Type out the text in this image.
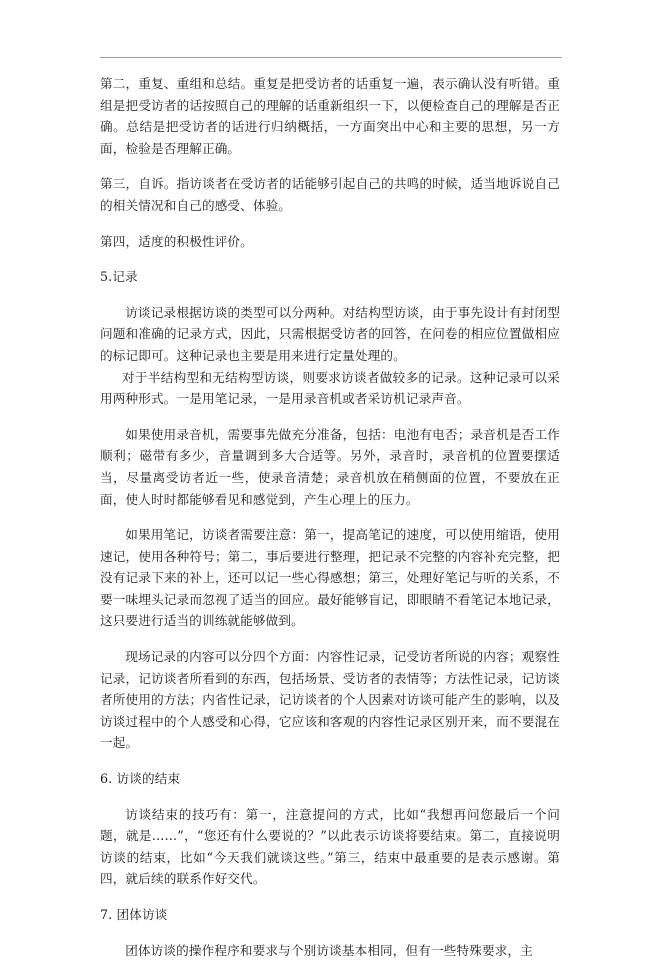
第二，重复、重组和总结。重复是把受访者的话重复一遍，表示确认没有听错。重组是把受访者的话按照自己的理解的话重新组织一下，以便检查自己的理解是否正确。总结是把受访者的话进行归纳概括，一方面突出中心和主要的思想，另一方面，检验是否理解正确。

第三，自诉。指访谈者在受访者的话能够引起自己的共鸣的时候，适当地诉说自己的相关情况和自己的感受、体验。

第四，适度的积极性评价。

5.记录

访谈记录根据访谈的类型可以分两种。对结构型访谈，由于事先设计有封闭型问题和准确的记录方式，因此，只需根据受访者的回答，在问卷的相应位置做相应的标记即可。这种记录也主要是用来进行定量处理的。

对于半结构型和无结构型访谈，则要求访谈者做较多的记录。这种记录可以采用两种形式。一是用笔记录，一是用录音机或者采访机记录声音。

如果使用录音机，需要事先做充分准备，包括：电池有电否；录音机是否工作顺利；磁带有多少，音量调到多大合适等。另外，录音时，录音机的位置要摆适当，尽量离受访者近一些，使录音清楚；录音机放在稍侧面的位置，不要放在正面，使人时时都能够看见和感觉到，产生心理上的压力。

如果用笔记，访谈者需要注意：第一，提高笔记的速度，可以使用缩语，使用速记，使用各种符号；第二，事后要进行整理，把记录不完整的内容补充完整，把没有记录下来的补上，还可以记一些心得感想；第三，处理好笔记与听的关系，不要一味埋头记录而忽视了适当的回应。最好能够盲记，即眼睛不看笔记本地记录，这只要进行适当的训练就能够做到。

现场记录的内容可以分四个方面：内容性记录，记受访者所说的内容；观察性记录，记访谈者所看到的东西，包括场景、受访者的表情等；方法性记录，记访谈者所使用的方法；内省性记录，记访谈者的个人因素对访谈可能产生的影响，以及访谈过程中的个人感受和心得，它应该和客观的内容性记录区别开来，而不要混在一起。

6. 访谈的结束

访谈结束的技巧有：第一，注意提问的方式，比如“我想再问您最后一个问题，就是……”，“您还有什么要说的？”以此表示访谈将要结束。第二，直接说明访谈的结束，比如“今天我们就谈这些。”第三，结束中最重要的是表示感谢。第四，就后续的联系作好交代。

7. 团体访谈

团体访谈的操作程序和要求与个别访谈基本相同，但有一些特殊要求，主
